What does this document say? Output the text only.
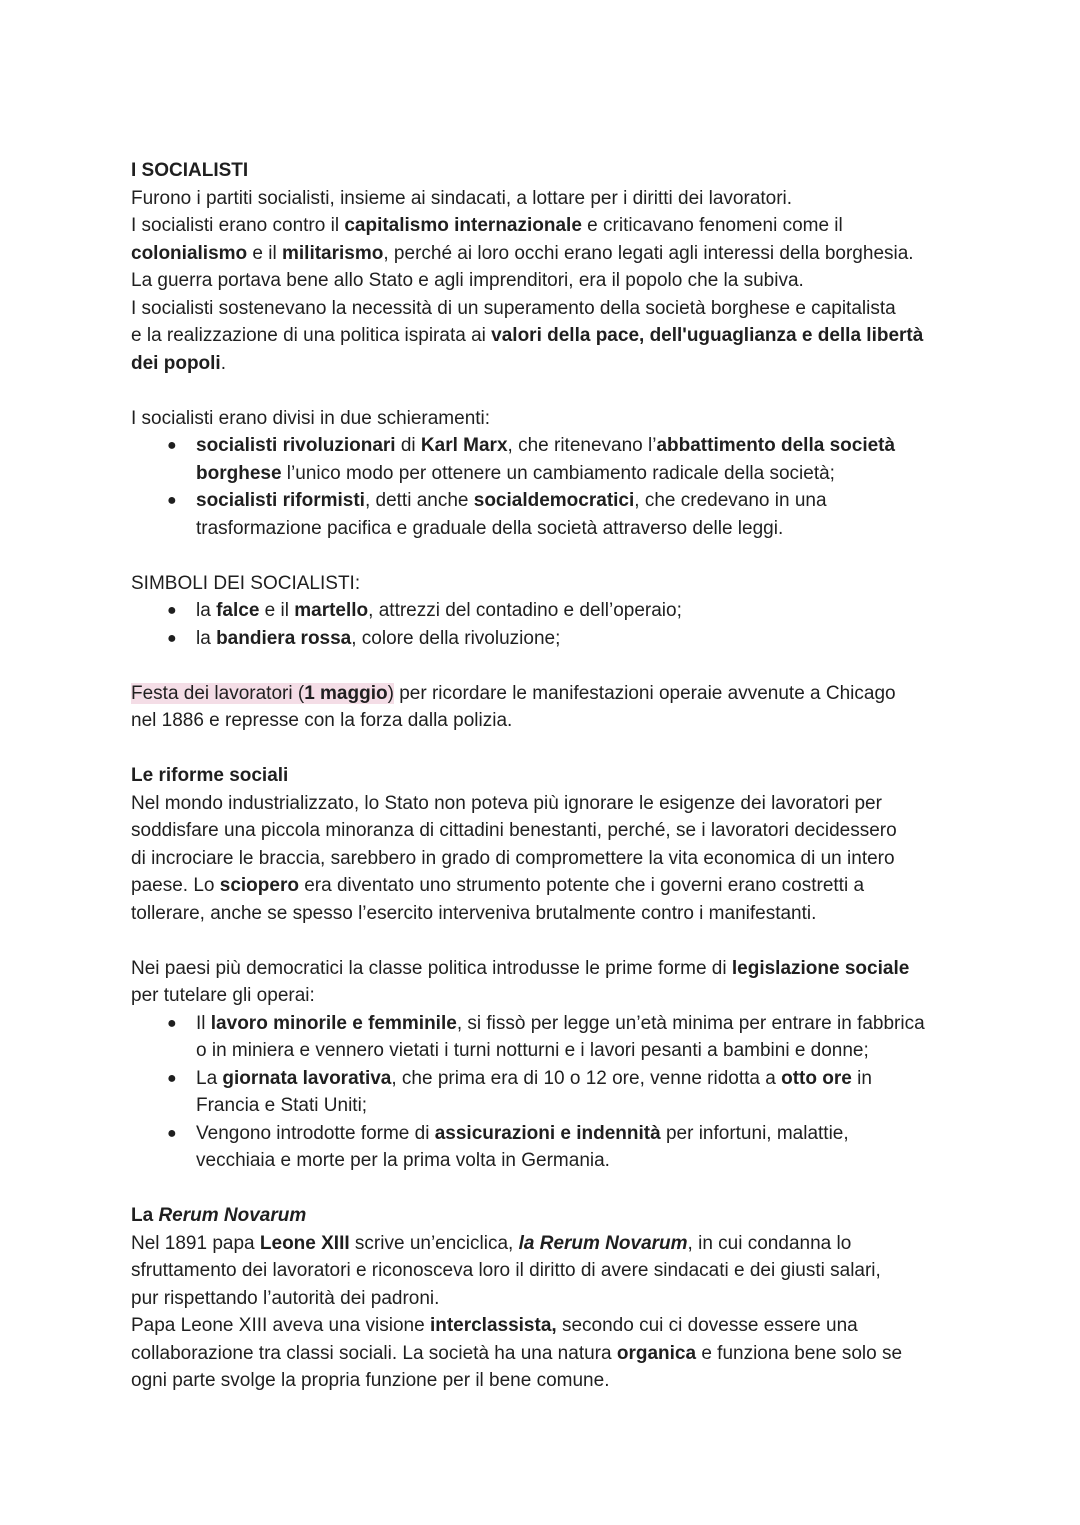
I SOCIALISTI

Furono i partiti socialisti, insieme ai sindacati, a lottare per i diritti dei lavoratori.

I socialisti erano contro il capitalismo internazionale e criticavano fenomeni come il

colonialismo e il militarismo, perché ai loro occhi erano legati agli interessi della borghesia.

La guerra portava bene allo Stato e agli imprenditori, era il popolo che la subiva.

I socialisti sostenevano la necessità di un superamento della società borghese e capitalista

e la realizzazione di una politica ispirata ai valori della pace, dell'uguaglianza e della libertà

dei popoli.

I socialisti erano divisi in due schieramenti:

● socialisti rivoluzionari di Karl Marx, che ritenevano l’abbattimento della società
borghese l’unico modo per ottenere un cambiamento radicale della società;
● socialisti riformisti, detti anche socialdemocratici, che credevano in una
trasformazione pacifica e graduale della società attraverso delle leggi.

SIMBOLI DEI SOCIALISTI:

● la falce e il martello, attrezzi del contadino e dell’operaio;
● la bandiera rossa, colore della rivoluzione;

Festa dei lavoratori (1 maggio) per ricordare le manifestazioni operaie avvenute a Chicago

nel 1886 e represse con la forza dalla polizia.

Le riforme sociali

Nel mondo industrializzato, lo Stato non poteva più ignorare le esigenze dei lavoratori per

soddisfare una piccola minoranza di cittadini benestanti, perché, se i lavoratori decidessero

di incrociare le braccia, sarebbero in grado di compromettere la vita economica di un intero

paese. Lo sciopero era diventato uno strumento potente che i governi erano costretti a

tollerare, anche se spesso l’esercito interveniva brutalmente contro i manifestanti.

Nei paesi più democratici la classe politica introdusse le prime forme di legislazione sociale

per tutelare gli operai:

● Il lavoro minorile e femminile, si fissò per legge un’età minima per entrare in fabbrica
o in miniera e vennero vietati i turni notturni e i lavori pesanti a bambini e donne;
● La giornata lavorativa, che prima era di 10 o 12 ore, venne ridotta a otto ore in
Francia e Stati Uniti;
● Vengono introdotte forme di assicurazioni e indennità per infortuni, malattie,
vecchiaia e morte per la prima volta in Germania.

La Rerum Novarum

Nel 1891 papa Leone XIII scrive un’enciclica, la Rerum Novarum, in cui condanna lo

sfruttamento dei lavoratori e riconosceva loro il diritto di avere sindacati e dei giusti salari,

pur rispettando l’autorità dei padroni.

Papa Leone XIII aveva una visione interclassista, secondo cui ci dovesse essere una

collaborazione tra classi sociali. La società ha una natura organica e funziona bene solo se

ogni parte svolge la propria funzione per il bene comune.
